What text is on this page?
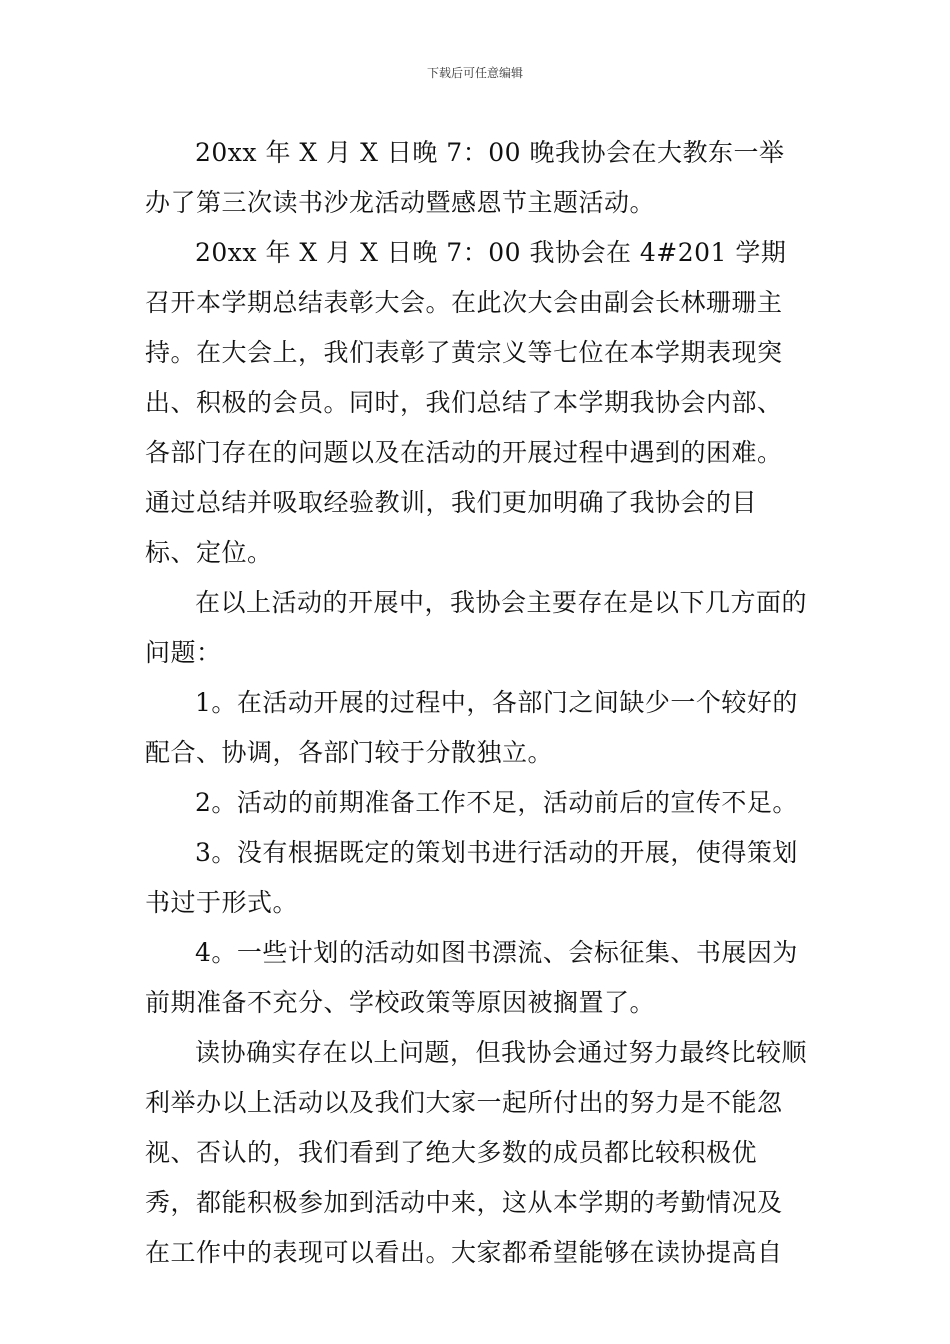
下载后可任意编辑

20xx 年 X 月 X 日晚 7：00 晚我协会在大教东一举办了第三次读书沙龙活动暨感恩节主题活动。

20xx 年 X 月 X 日晚 7：00 我协会在 4#201 学期召开本学期总结表彰大会。在此次大会由副会长林珊珊主持。在大会上，我们表彰了黄宗义等七位在本学期表现突出、积极的会员。同时，我们总结了本学期我协会内部、各部门存在的问题以及在活动的开展过程中遇到的困难。通过总结并吸取经验教训，我们更加明确了我协会的目标、定位。

在以上活动的开展中，我协会主要存在是以下几方面的问题：

1。在活动开展的过程中，各部门之间缺少一个较好的配合、协调，各部门较于分散独立。

2。活动的前期准备工作不足，活动前后的宣传不足。

3。没有根据既定的策划书进行活动的开展，使得策划书过于形式。

4。一些计划的活动如图书漂流、会标征集、书展因为前期准备不充分、学校政策等原因被搁置了。

读协确实存在以上问题，但我协会通过努力最终比较顺利举办以上活动以及我们大家一起所付出的努力是不能忽视、否认的，我们看到了绝大多数的成员都比较积极优秀，都能积极参加到活动中来，这从本学期的考勤情况及在工作中的表现可以看出。大家都希望能够在读协提高自
